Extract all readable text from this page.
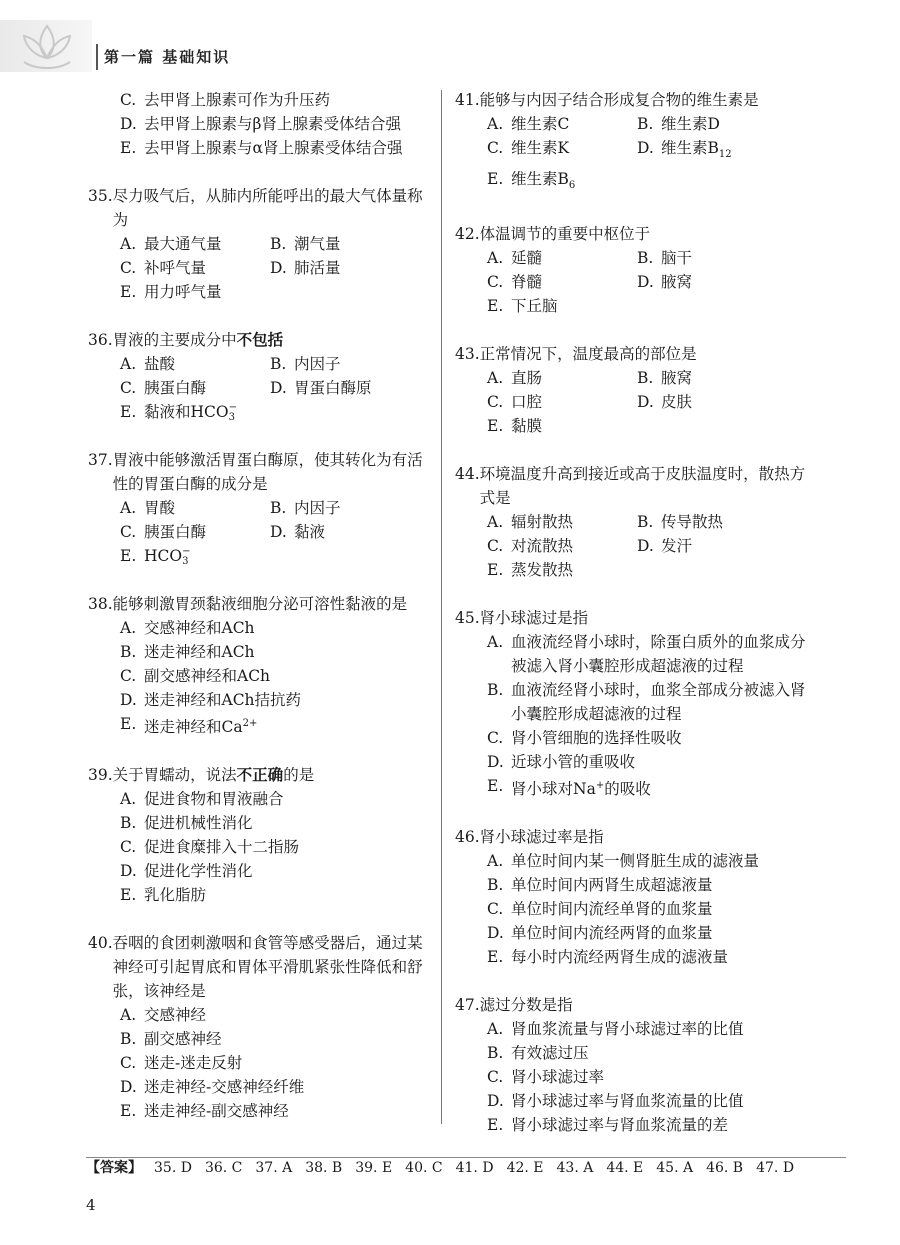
第一篇 基础知识
C. 去甲肾上腺素可作为升压药
D. 去甲肾上腺素与β肾上腺素受体结合强
E. 去甲肾上腺素与α肾上腺素受体结合强
35. 尽力吸气后，从肺内所能呼出的最大气体量称为
A. 最大通气量	B. 潮气量
C. 补呼气量	D. 肺活量
E. 用力呼气量
36. 胃液的主要成分中不包括
A. 盐酸	B. 内因子
C. 胰蛋白酶	D. 胃蛋白酶原
E. 黏液和HCO −
3
37. 胃液中能够激活胃蛋白酶原，使其转化为有活性的胃蛋白酶的成分是
A. 胃酸	B. 内因子
C. 胰蛋白酶	D. 黏液
E. HCO −
3
38. 能够刺激胃颈黏液细胞分泌可溶性黏液的是
A. 交感神经和ACh
B. 迷走神经和ACh
C. 副交感神经和ACh
D. 迷走神经和ACh拮抗药
E. 迷走神经和$Ca^{2+}$
39. 关于胃蠕动，说法不正确的是
A. 促进食物和胃液融合
B. 促进机械性消化
C. 促进食糜排入十二指肠
D. 促进化学性消化
E. 乳化脂肪
40. 吞咽的食团刺激咽和食管等感受器后，通过某神经可引起胃底和胃体平滑肌紧张性降低和舒张，该神经是
A. 交感神经
B. 副交感神经
C. 迷走-迷走反射
D. 迷走神经-交感神经纤维
E. 迷走神经-副交感神经
41. 能够与内因子结合形成复合物的维生素是
A. 维生素C	B. 维生素D
C. 维生素K	D. 维生素$B_{12}$
E. 维生素$B_6$
42. 体温调节的重要中枢位于
A. 延髓	B. 脑干
C. 脊髓	D. 腋窝
E. 下丘脑
43. 正常情况下，温度最高的部位是
A. 直肠	B. 腋窝
C. 口腔	D. 皮肤
E. 黏膜
44. 环境温度升高到接近或高于皮肤温度时，散热方式是
A. 辐射散热	B. 传导散热
C. 对流散热	D. 发汗
E. 蒸发散热
45. 肾小球滤过是指
A. 血液流经肾小球时，除蛋白质外的血浆成分被滤入肾小囊腔形成超滤液的过程
B. 血液流经肾小球时，血浆全部成分被滤入肾小囊腔形成超滤液的过程
C. 肾小管细胞的选择性吸收
D. 近球小管的重吸收
E. 肾小球对Na+的吸收
46. 肾小球滤过率是指
A. 单位时间内某一侧肾脏生成的滤液量
B. 单位时间内两肾生成超滤液量
C. 单位时间内流经单肾的血浆量
D. 单位时间内流经两肾的血浆量
E. 每小时内流经两肾生成的滤液量
47. 滤过分数是指
A. 肾血浆流量与肾小球滤过率的比值
B. 有效滤过压
C. 肾小球滤过率
D. 肾小球滤过率与肾血浆流量的比值
E. 肾小球滤过率与肾血浆流量的差
【答案】 35. D 36. C 37. A 38. B 39. E 40. C 41. D 42. E 43. A 44. E 45. A 46. B 47. D
4
